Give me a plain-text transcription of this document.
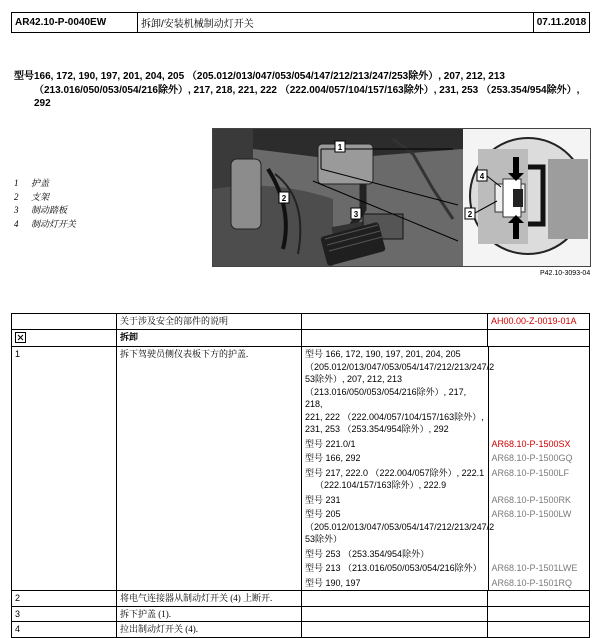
AR42.10-P-0040EW	拆卸/安装机械制动灯开关	07.11.2018
型号166, 172, 190, 197, 201, 204, 205 （205.012/013/047/053/054/147/212/213/247/253除外）, 207, 212, 213
（213.016/050/053/054/216除外）, 217, 218, 221, 222 （222.004/057/104/157/163除外）, 231, 253 （253.354/954除外）,
292
1 护盖
2 支架
3 制动踏板
4 制动灯开关
1
2
3
4
2
P42.10-3093-04
	关于涉及安全的部件的说明		AH00.00-Z-0019-01A
	拆卸		
1	拆下驾驶员侧仪表板下方的护盖.		型号 166, 172, 190, 197, 201, 204, 205
（205.012/013/047/053/054/147/212/213/247/2
53除外）, 207, 212, 213
（213.016/050/053/054/216除外）, 217, 218,
221, 222 （222.004/057/104/157/163除外）,
231, 253 （253.354/954除外）, 292

型号 221.0/1	AR68.10-P-1500SX
型号 166, 292	AR68.10-P-1500GQ

型号 217, 222.0 （222.004/057除外）, 222.1
（222.104/157/163除外）, 222.9
	AR68.10-P-1500LF
型号 231	AR68.10-P-1500RK

型号 205
（205.012/013/047/053/054/147/212/213/247/2
53除外）
	AR68.10-P-1500LW
型号 253 （253.354/954除外）	
型号 213 （213.016/050/053/054/216除外）	AR68.10-P-1501LWE
型号 190, 197	AR68.10-P-1501RQ

2	将电气连接器从制动灯开关 (4) 上断开.		
3	拆下护盖 (1).		
4	拉出制动灯开关 (4).		
